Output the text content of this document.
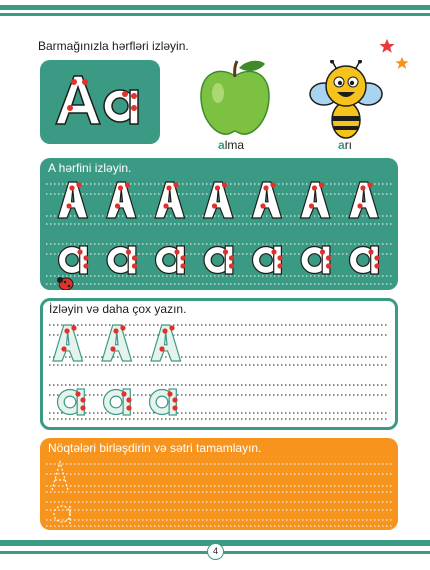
Barmağınızla hərfləri izləyin.
alma	arı
A hərfini izləyin.
İzləyin və daha çox yazın.
Nöqtələri birləşdirin və sətri tamamlayın.
4
